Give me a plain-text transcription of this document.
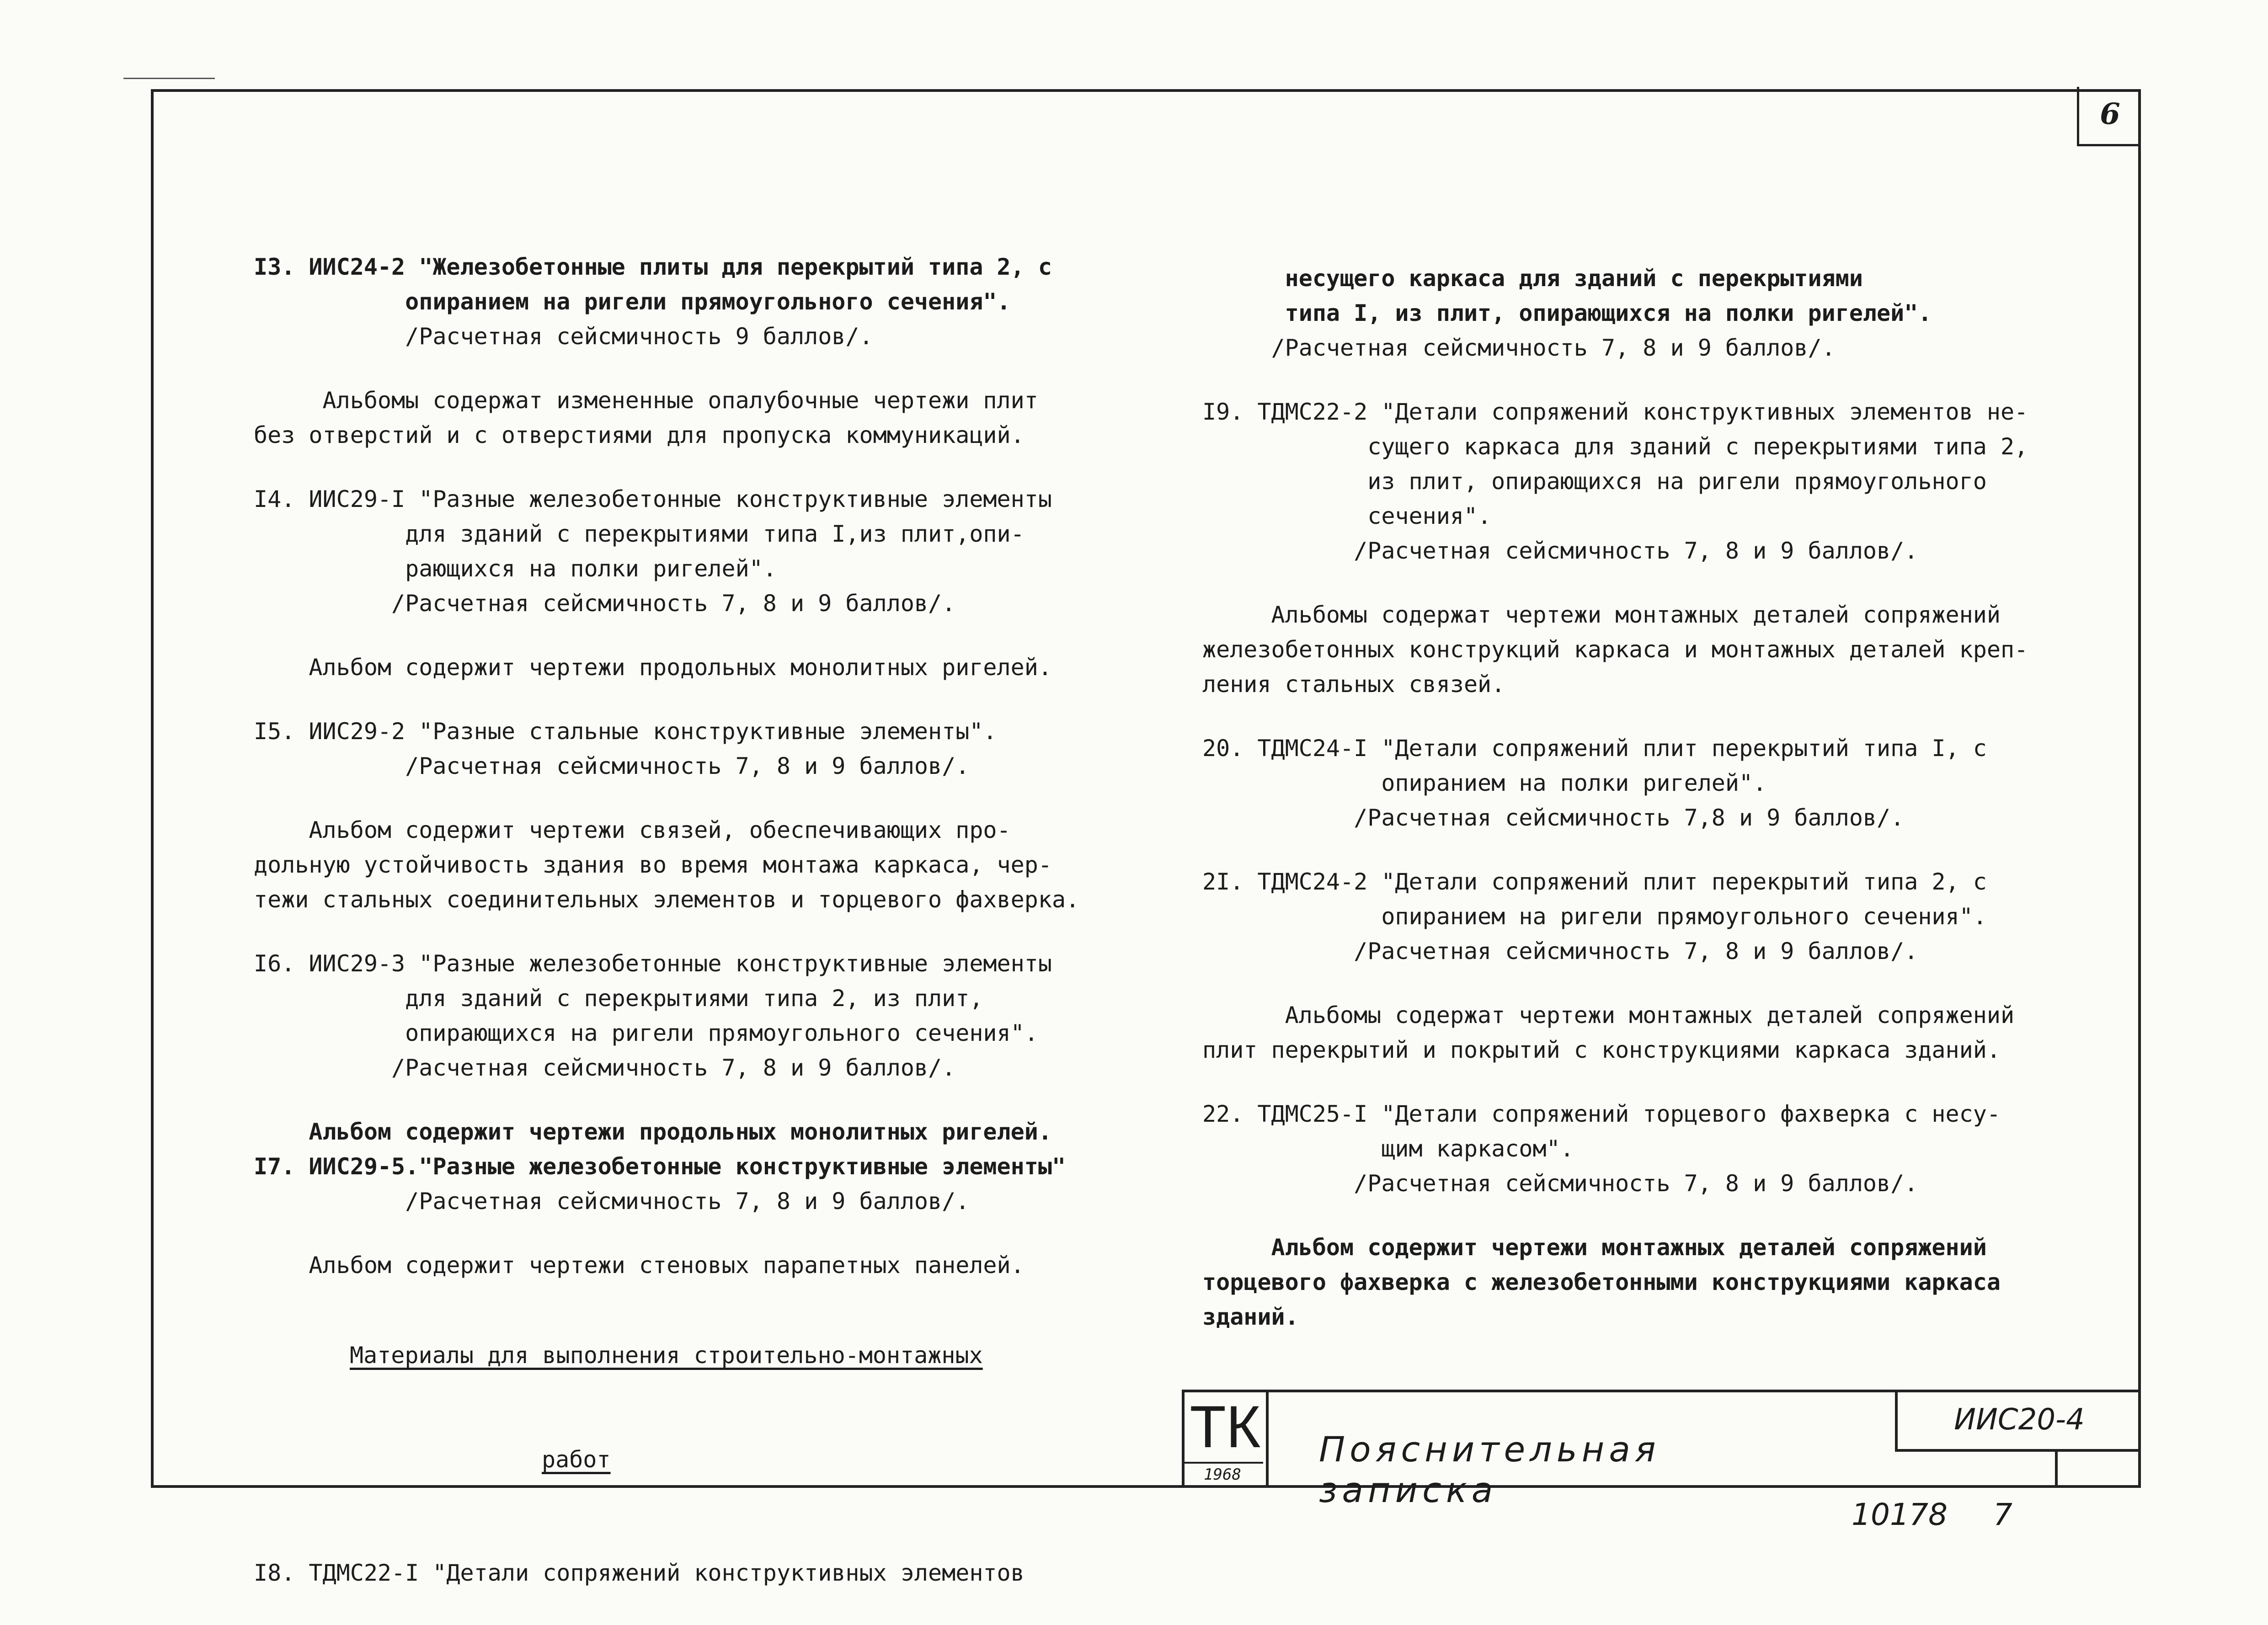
6

I3. ИИС24-2 "Железобетонные плиты для перекрытий типа 2, с
опиранием на ригели прямоугольного сечения".
/Расчетная сейсмичность 9 баллов/.
Альбомы содержат измененные опалубочные чертежи плит
без отверстий и с отверстиями для пропуска коммуникаций.
I4. ИИС29-I "Разные железобетонные конструктивные элементы
для зданий с перекрытиями типа I,из плит,опи-
рающихся на полки ригелей".
/Расчетная сейсмичность 7, 8 и 9 баллов/.
Альбом содержит чертежи продольных монолитных ригелей.
I5. ИИС29-2 "Разные стальные конструктивные элементы".
/Расчетная сейсмичность 7, 8 и 9 баллов/.
Альбом содержит чертежи связей, обеспечивающих про-
дольную устойчивость здания во время монтажа каркаса, чер-
тежи стальных соединительных элементов и торцевого фахверка.
I6. ИИС29-3 "Разные железобетонные конструктивные элементы
для зданий с перекрытиями типа 2, из плит,
опирающихся на ригели прямоугольного сечения".
/Расчетная сейсмичность 7, 8 и 9 баллов/.
Альбом содержит чертежи продольных монолитных ригелей.
I7. ИИС29-5."Разные железобетонные конструктивные элементы"
/Расчетная сейсмичность 7, 8 и 9 баллов/.
Альбом содержит чертежи стеновых парапетных панелей.

Материалы для выполнения строительно-монтажных

работ

I8. ТДМС22-I "Детали сопряжений конструктивных элементов

несущего каркаса для зданий с перекрытиями
типа I, из плит, опирающихся на полки ригелей".
/Расчетная сейсмичность 7, 8 и 9 баллов/.
I9. ТДМС22-2 "Детали сопряжений конструктивных элементов не-
сущего каркаса для зданий с перекрытиями типа 2,
из плит, опирающихся на ригели прямоугольного
сечения".
/Расчетная сейсмичность 7, 8 и 9 баллов/.
Альбомы содержат чертежи монтажных деталей сопряжений
железобетонных конструкций каркаса и монтажных деталей креп-
ления стальных связей.
20. ТДМС24-I "Детали сопряжений плит перекрытий типа I, с
опиранием на полки ригелей".
/Расчетная сейсмичность 7,8 и 9 баллов/.
2I. ТДМС24-2 "Детали сопряжений плит перекрытий типа 2, с
опиранием на ригели прямоугольного сечения".
/Расчетная сейсмичность 7, 8 и 9 баллов/.
Альбомы содержат чертежи монтажных деталей сопряжений
плит перекрытий и покрытий с конструкциями каркаса зданий.
22. ТДМС25-I "Детали сопряжений торцевого фахверка с несу-
щим каркасом".
/Расчетная сейсмичность 7, 8 и 9 баллов/.
Альбом содержит чертежи монтажных деталей сопряжений
торцевого фахверка с железобетонными конструкциями каркаса
зданий.
ТК
1968
Пояснительная записка
ИИС20-4
10178 7
